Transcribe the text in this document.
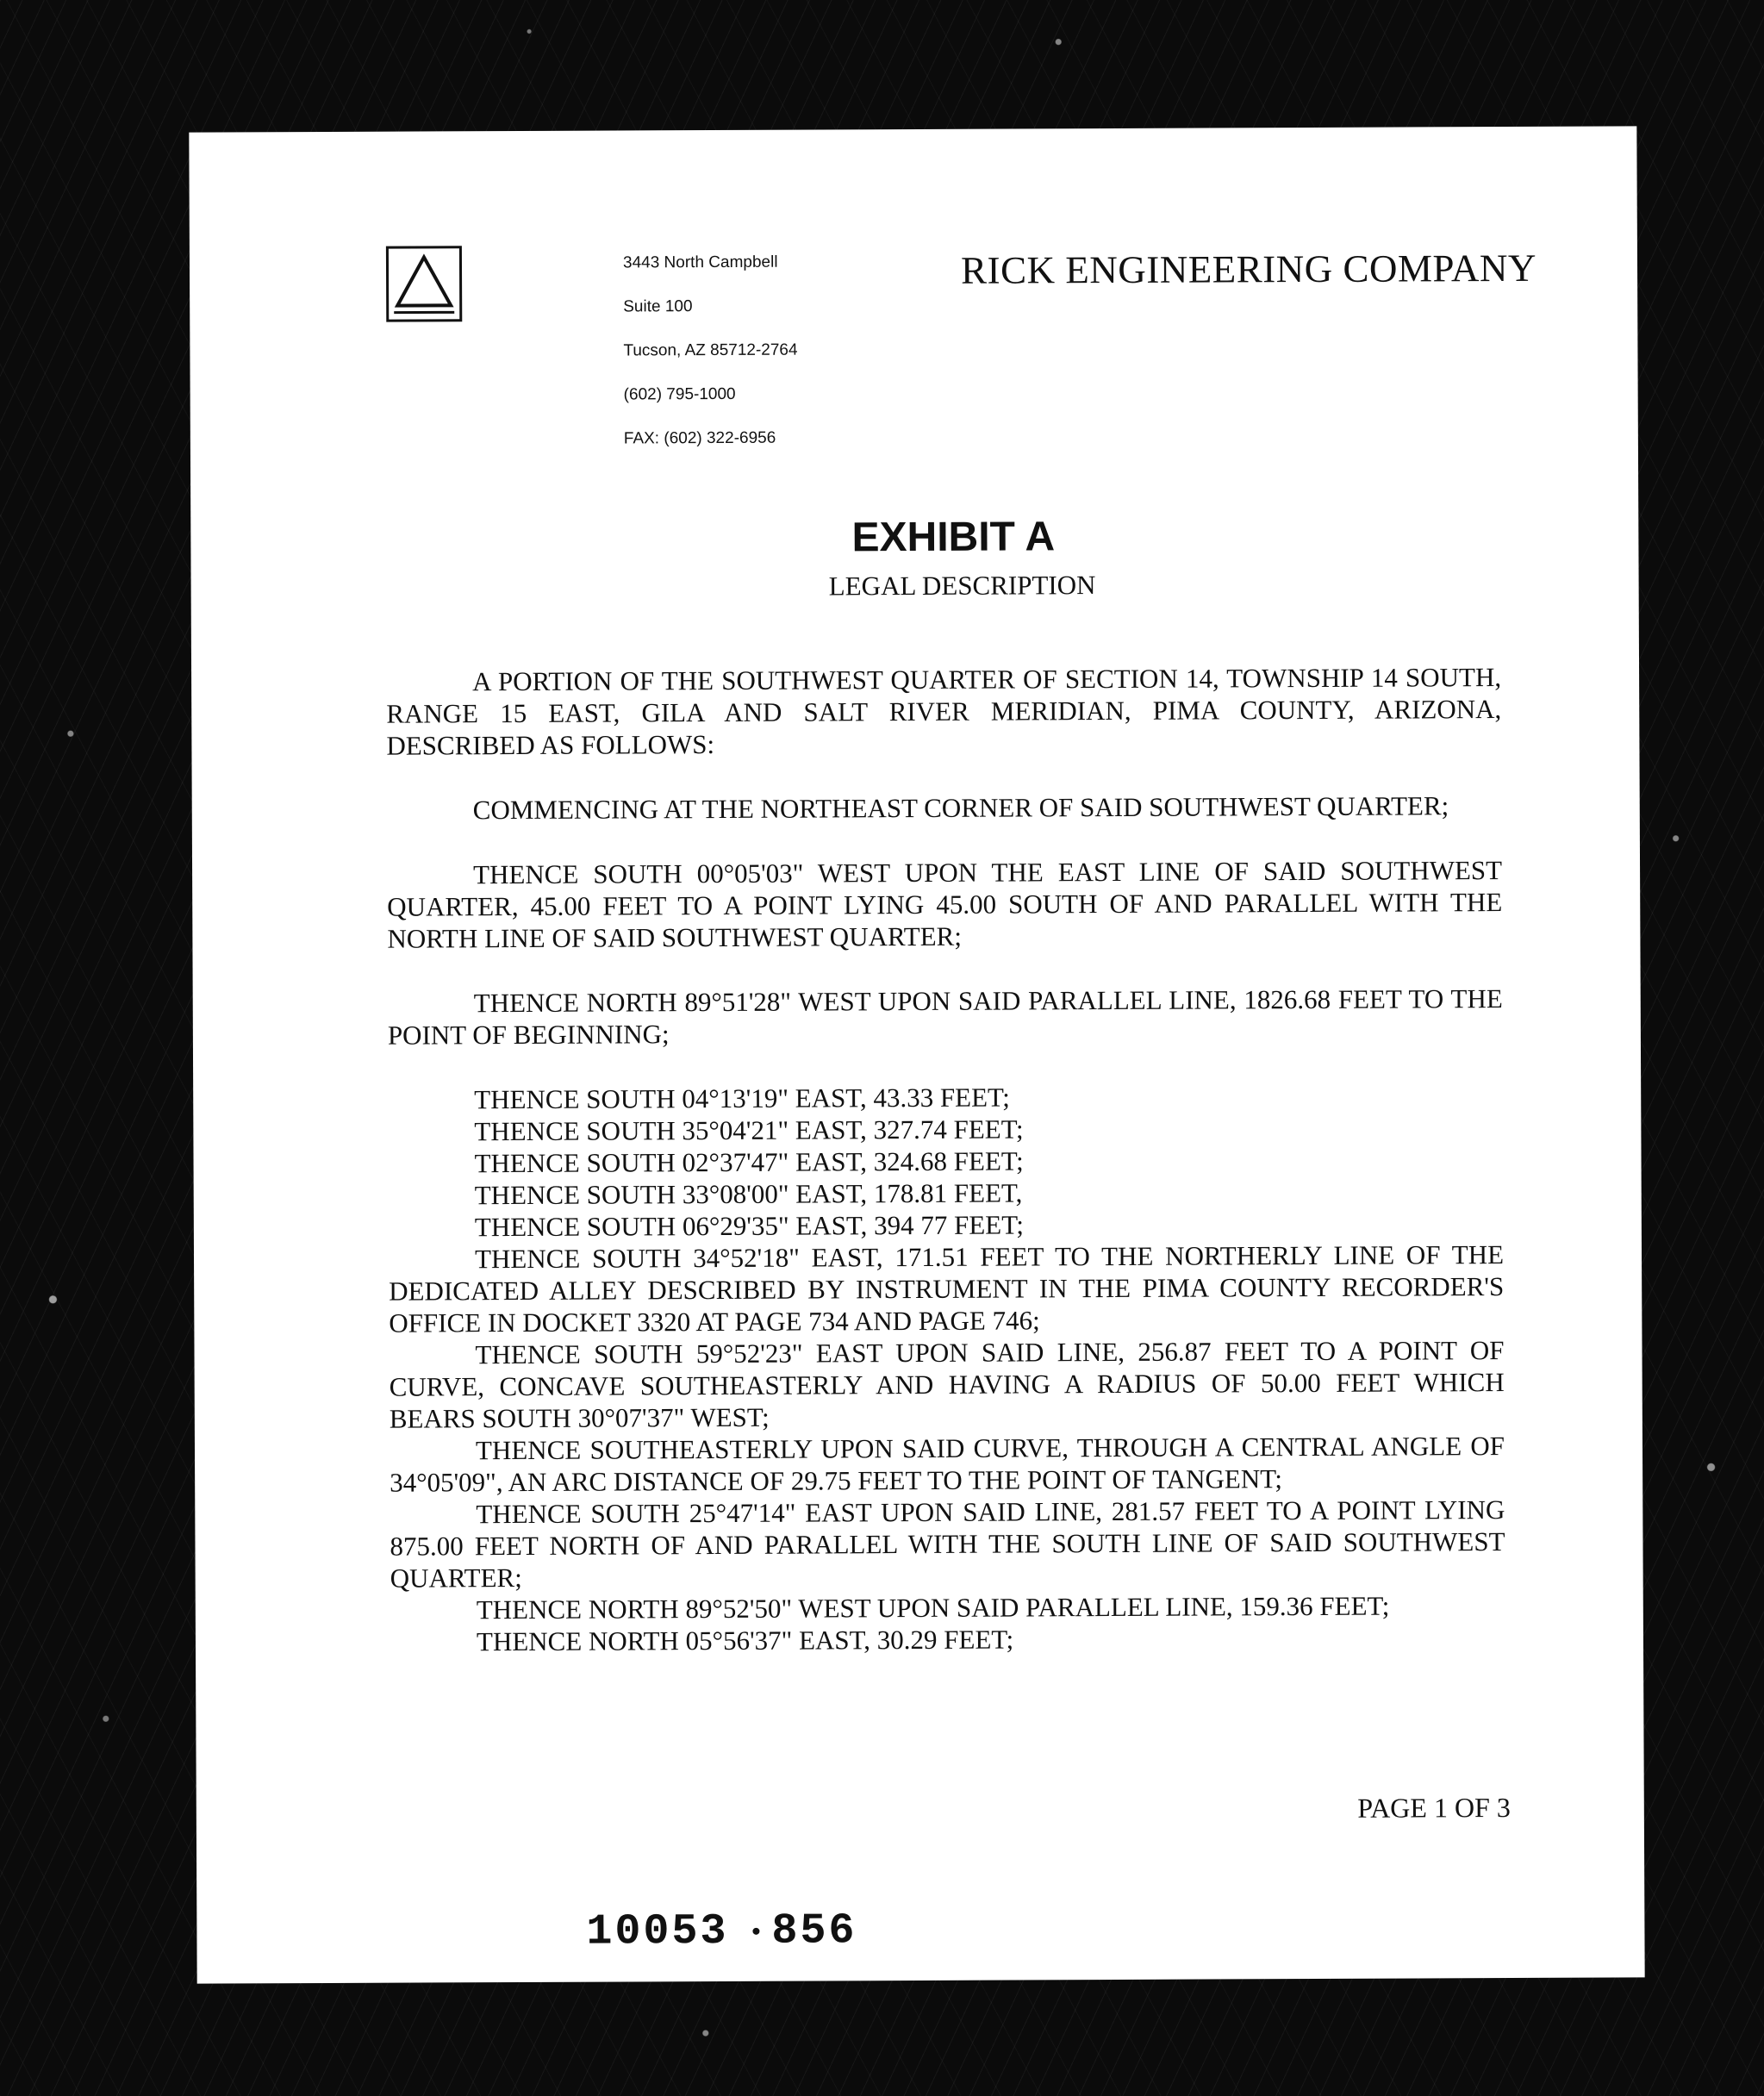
3443 North Campbell
Suite 100
Tucson, AZ 85712-2764
(602) 795-1000
FAX: (602) 322-6956
RICK ENGINEERING COMPANY
EXHIBIT A
LEGAL DESCRIPTION

A PORTION OF THE SOUTHWEST QUARTER OF SECTION 14, TOWNSHIP 14 SOUTH, RANGE 15 EAST, GILA AND SALT RIVER MERIDIAN, PIMA COUNTY, ARIZONA, DESCRIBED AS FOLLOWS:

COMMENCING AT THE NORTHEAST CORNER OF SAID SOUTHWEST QUARTER;

THENCE SOUTH 00°05'03" WEST UPON THE EAST LINE OF SAID SOUTHWEST QUARTER, 45.00 FEET TO A POINT LYING 45.00 SOUTH OF AND PARALLEL WITH THE NORTH LINE OF SAID SOUTHWEST QUARTER;

THENCE NORTH 89°51'28" WEST UPON SAID PARALLEL LINE, 1826.68 FEET TO THE POINT OF BEGINNING;

THENCE SOUTH 04°13'19" EAST, 43.33 FEET;

THENCE SOUTH 35°04'21" EAST, 327.74 FEET;

THENCE SOUTH 02°37'47" EAST, 324.68 FEET;

THENCE SOUTH 33°08'00" EAST, 178.81 FEET,

THENCE SOUTH 06°29'35" EAST, 394 77 FEET;

THENCE SOUTH 34°52'18" EAST, 171.51 FEET TO THE NORTHERLY LINE OF THE DEDICATED ALLEY DESCRIBED BY INSTRUMENT IN THE PIMA COUNTY RECORDER'S OFFICE IN DOCKET 3320 AT PAGE 734 AND PAGE 746;

THENCE SOUTH 59°52'23" EAST UPON SAID LINE, 256.87 FEET TO A POINT OF CURVE, CONCAVE SOUTHEASTERLY AND HAVING A RADIUS OF 50.00 FEET WHICH BEARS SOUTH 30°07'37" WEST;

THENCE SOUTHEASTERLY UPON SAID CURVE, THROUGH A CENTRAL ANGLE OF 34°05'09", AN ARC DISTANCE OF 29.75 FEET TO THE POINT OF TANGENT;

THENCE SOUTH 25°47'14" EAST UPON SAID LINE, 281.57 FEET TO A POINT LYING 875.00 FEET NORTH OF AND PARALLEL WITH THE SOUTH LINE OF SAID SOUTHWEST QUARTER;

THENCE NORTH 89°52'50" WEST UPON SAID PARALLEL LINE, 159.36 FEET;

THENCE NORTH 05°56'37" EAST, 30.29 FEET;

PAGE 1 OF 3
10053 856
